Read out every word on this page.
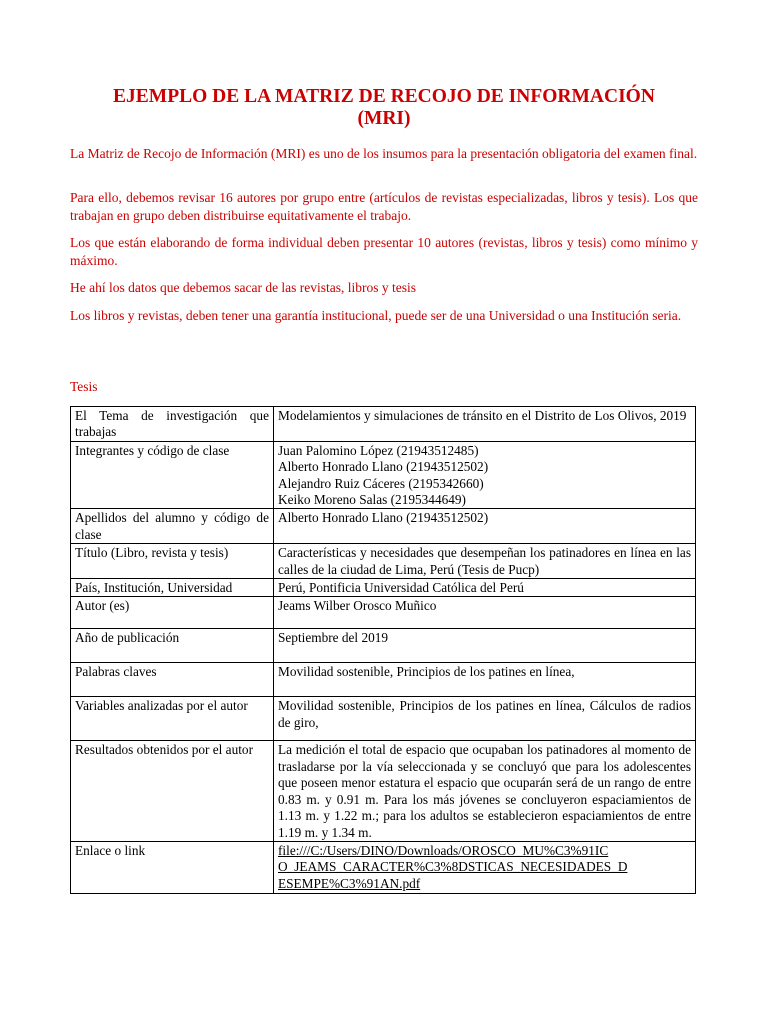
EJEMPLO DE LA MATRIZ DE RECOJO DE INFORMACIÓN
(MRI)

La Matriz de Recojo de Información (MRI) es uno de los insumos para la presentación obligatoria del examen final.

Para ello, debemos revisar 16 autores por grupo entre (artículos de revistas especializadas, libros y tesis). Los que trabajan en grupo deben distribuirse equitativamente el trabajo.

Los que están elaborando de forma individual deben presentar 10 autores (revistas, libros y tesis) como mínimo y máximo.

He ahí los datos que debemos sacar de las revistas, libros y tesis

Los libros y revistas, deben tener una garantía institucional, puede ser de una Universidad o una Institución seria.

Tesis
El Tema de investigación que trabajas	Modelamientos y simulaciones de tránsito en el Distrito de Los Olivos, 2019
Integrantes y código de clase	Juan Palomino López (21943512485)
Alberto Honrado Llano (21943512502)
Alejandro Ruiz Cáceres (2195342660)
Keiko Moreno Salas (2195344649)

Apellidos del alumno y código de clase	Alberto Honrado Llano (21943512502)
Título (Libro, revista y tesis)	Características y necesidades que desempeñan los patinadores en línea en las calles de la ciudad de Lima, Perú (Tesis de Pucp)
País, Institución, Universidad	Perú, Pontificia Universidad Católica del Perú
Autor (es)	Jeams Wilber Orosco Muñico
Año de publicación	Septiembre del 2019
Palabras claves	Movilidad sostenible, Principios de los patines en línea,
Variables analizadas por el autor	Movilidad sostenible, Principios de los patines en línea, Cálculos de radios de giro,
Resultados obtenidos por el autor	La medición el total de espacio que ocupaban los patinadores al momento de trasladarse por la vía seleccionada y se concluyó que para los adolescentes que poseen menor estatura el espacio que ocuparán será de un rango de entre 0.83 m. y 0.91 m. Para los más jóvenes se concluyeron espaciamientos de 1.13 m. y 1.22 m.; para los adultos se establecieron espaciamientos de entre 1.19 m. y 1.34 m.
Enlace o link	file:///C:/Users/DINO/Downloads/OROSCO_MU%C3%91IC
O_JEAMS_CARACTER%C3%8DSTICAS_NECESIDADES_D
ESEMPE%C3%91AN.pdf
